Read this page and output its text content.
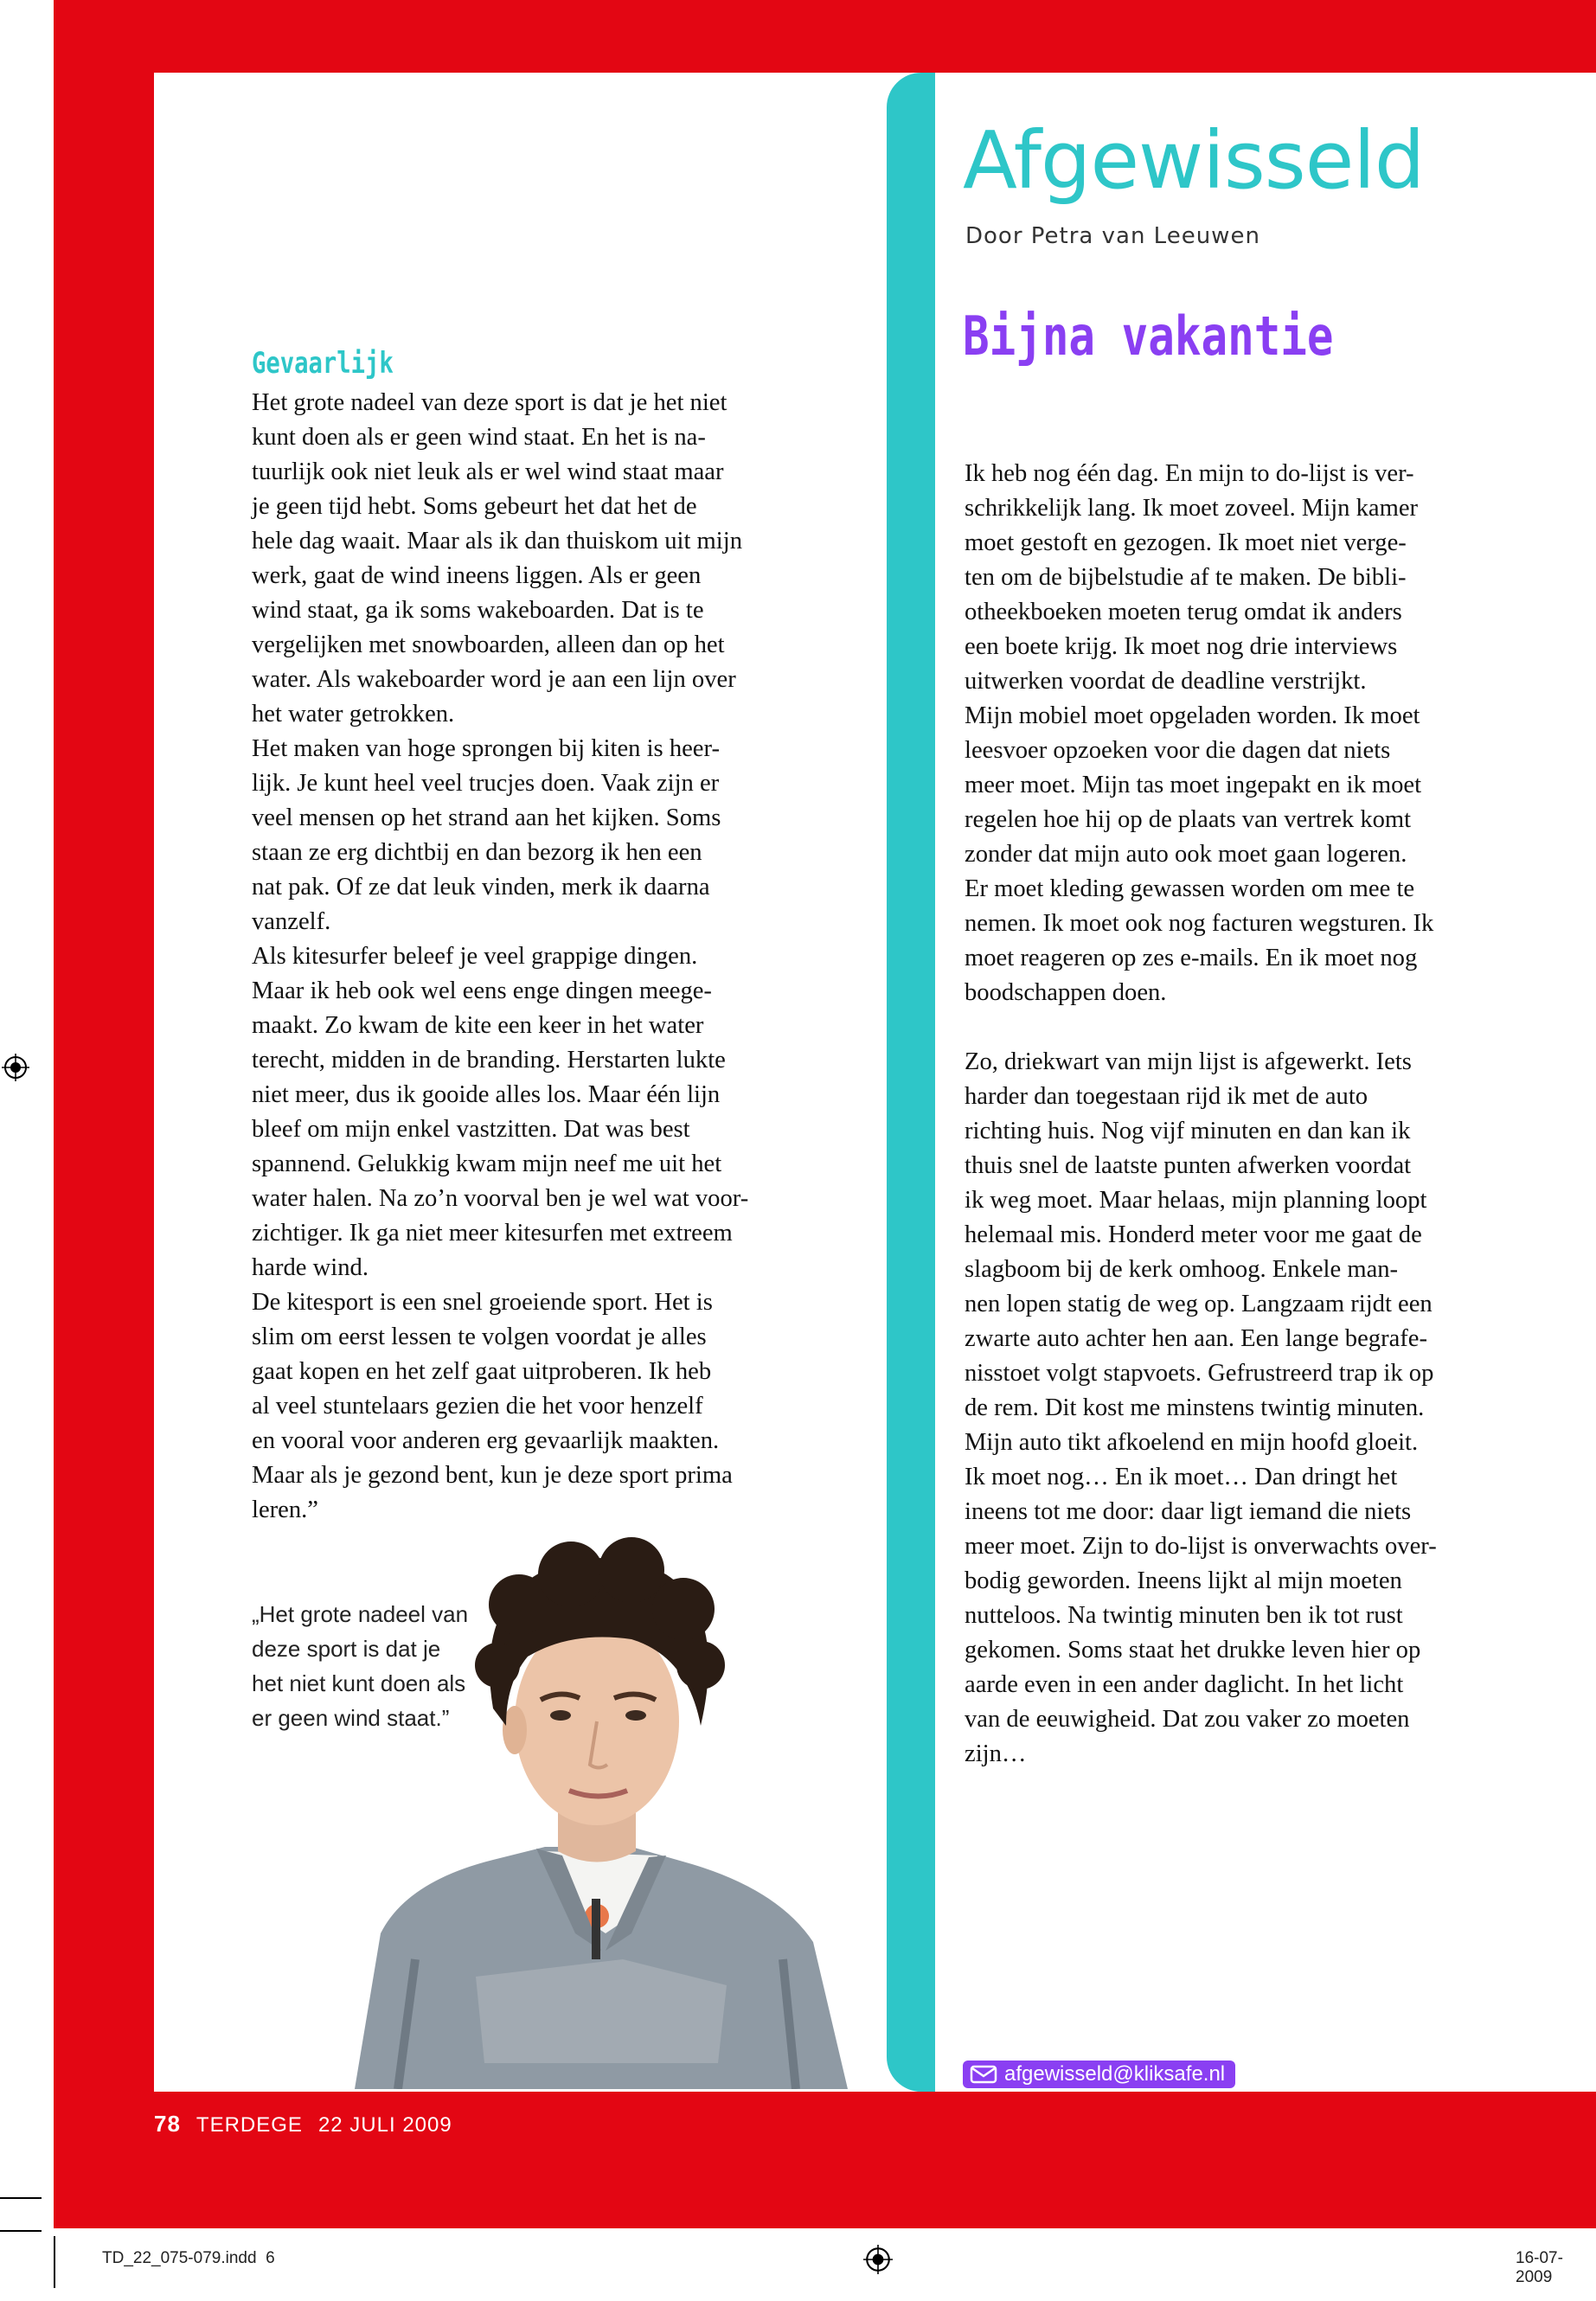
Afgewisseld
Door Petra van Leeuwen
Gevaarlijk
Het grote nadeel van deze sport is dat je het niet
kunt doen als er geen wind staat. En het is na-
tuurlijk ook niet leuk als er wel wind staat maar
je geen tijd hebt. Soms gebeurt het dat het de
hele dag waait. Maar als ik dan thuiskom uit mijn
werk, gaat de wind ineens liggen. Als er geen
wind staat, ga ik soms wakeboarden. Dat is te
vergelijken met snowboarden, alleen dan op het
water. Als wakeboarder word je aan een lijn over
het water getrokken.
Het maken van hoge sprongen bij kiten is heer-
lijk. Je kunt heel veel trucjes doen. Vaak zijn er
veel mensen op het strand aan het kijken. Soms
staan ze erg dichtbij en dan bezorg ik hen een
nat pak. Of ze dat leuk vinden, merk ik daarna
vanzelf.
Als kitesurfer beleef je veel grappige dingen.
Maar ik heb ook wel eens enge dingen meege-
maakt. Zo kwam de kite een keer in het water
terecht, midden in de branding. Herstarten lukte
niet meer, dus ik gooide alles los. Maar één lijn
bleef om mijn enkel vastzitten. Dat was best
spannend. Gelukkig kwam mijn neef me uit het
water halen. Na zo’n voorval ben je wel wat voor-
zichtiger. Ik ga niet meer kitesurfen met extreem
harde wind.
De kitesport is een snel groeiende sport. Het is
slim om eerst lessen te volgen voordat je alles
gaat kopen en het zelf gaat uitproberen. Ik heb
al veel stuntelaars gezien die het voor henzelf
en vooral voor anderen erg gevaarlijk maakten.
Maar als je gezond bent, kun je deze sport prima
leren.”
„Het grote nadeel van
deze sport is dat je
het niet kunt doen als
er geen wind staat.”
Bijna vakantie
Ik heb nog één dag. En mijn to do-lijst is ver-
schrikkelijk lang. Ik moet zoveel. Mijn kamer
moet gestoft en gezogen. Ik moet niet verge-
ten om de bijbelstudie af te maken. De bibli-
otheekboeken moeten terug omdat ik anders
een boete krijg. Ik moet nog drie interviews
uitwerken voordat de deadline verstrijkt.
Mijn mobiel moet opgeladen worden. Ik moet
leesvoer opzoeken voor die dagen dat niets
meer moet. Mijn tas moet ingepakt en ik moet
regelen hoe hij op de plaats van vertrek komt
zonder dat mijn auto ook moet gaan logeren.
Er moet kleding gewassen worden om mee te
nemen. Ik moet ook nog facturen wegsturen. Ik
moet reageren op zes e-mails. En ik moet nog
boodschappen doen.
Zo, driekwart van mijn lijst is afgewerkt. Iets
harder dan toegestaan rijd ik met de auto
richting huis. Nog vijf minuten en dan kan ik
thuis snel de laatste punten afwerken voordat
ik weg moet. Maar helaas, mijn planning loopt
helemaal mis. Honderd meter voor me gaat de
slagboom bij de kerk omhoog. Enkele man-
nen lopen statig de weg op. Langzaam rijdt een
zwarte auto achter hen aan. Een lange begrafe-
nisstoet volgt stapvoets. Gefrustreerd trap ik op
de rem. Dit kost me minstens twintig minuten.
Mijn auto tikt afkoelend en mijn hoofd gloeit.
Ik moet nog… En ik moet… Dan dringt het
ineens tot me door: daar ligt iemand die niets
meer moet. Zijn to do-lijst is onverwachts over-
bodig geworden. Ineens lijkt al mijn moeten
nutteloos. Na twintig minuten ben ik tot rust
gekomen. Soms staat het drukke leven hier op
aarde even in een ander daglicht. In het licht
van de eeuwigheid. Dat zou vaker zo moeten
zijn…
afgewisseld@kliksafe.nl
78 TERDEGE 22 JULI 2009
TD_22_075-079.indd 6	16-07-2009
